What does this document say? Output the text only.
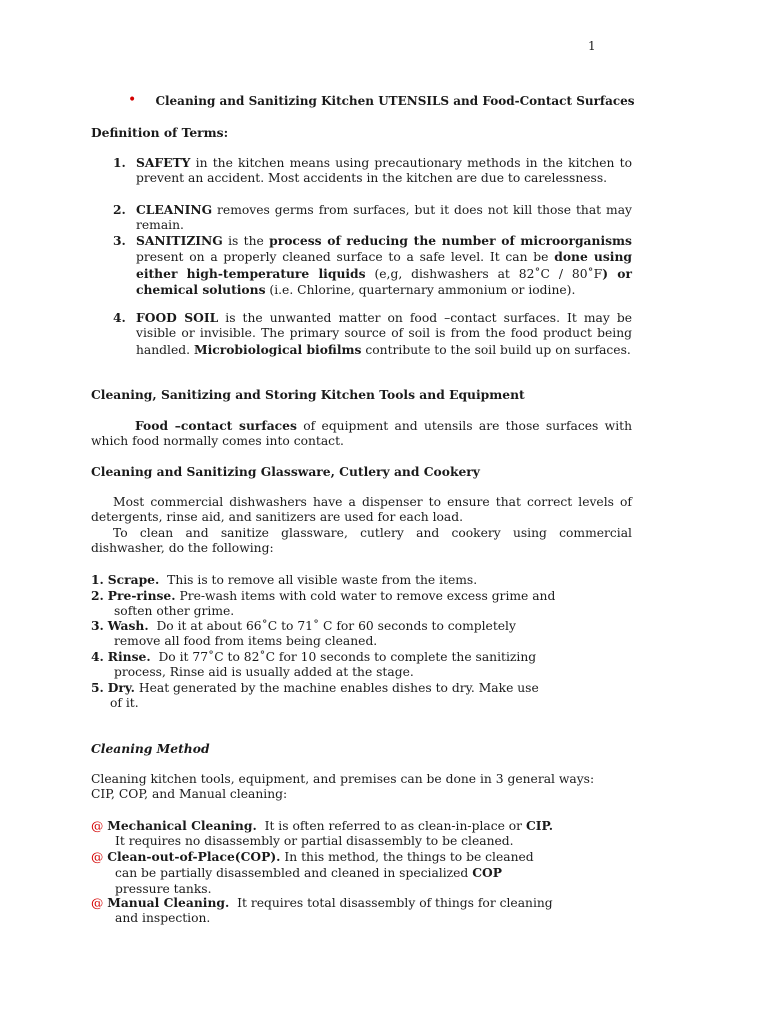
1
• Cleaning and Sanitizing Kitchen UTENSILS and Food-Contact Surfaces
Definition of Terms:
1. SAFETY in the kitchen means using precautionary methods in the kitchen to prevent an accident. Most accidents in the kitchen are due to carelessness.
2. CLEANING removes germs from surfaces, but it does not kill those that may remain.
3. SANITIZING is the process of reducing the number of microorganisms present on a properly cleaned surface to a safe level. It can be done using either high-temperature liquids (e,g, dishwashers at 82˚C / 80˚F) or chemical solutions (i.e. Chlorine, quarternary ammonium or iodine).
4. FOOD SOIL is the unwanted matter on food –contact surfaces. It may be visible or invisible. The primary source of soil is from the food product being handled. Microbiological biofilms contribute to the soil build up on surfaces.
Cleaning, Sanitizing and Storing Kitchen Tools and Equipment
Food –contact surfaces of equipment and utensils are those surfaces with which food normally comes into contact.
Cleaning and Sanitizing Glassware, Cutlery and Cookery
Most commercial dishwashers have a dispenser to ensure that correct levels of detergents, rinse aid, and sanitizers are used for each load.
To clean and sanitize glassware, cutlery and cookery using commercial dishwasher, do the following:
1. Scrape. This is to remove all visible waste from the items.
2. Pre-rinse. Pre-wash items with cold water to remove excess grime and
soften other grime.
3. Wash. Do it at about 66˚C to 71˚ C for 60 seconds to completely
remove all food from items being cleaned.
4. Rinse. Do it 77˚C to 82˚C for 10 seconds to complete the sanitizing
process, Rinse aid is usually added at the stage.
5. Dry. Heat generated by the machine enables dishes to dry. Make use
of it.
Cleaning Method
Cleaning kitchen tools, equipment, and premises can be done in 3 general ways: CIP, COP, and Manual cleaning:
@ Mechanical Cleaning. It is often referred to as clean-in-place or CIP.
It requires no disassembly or partial disassembly to be cleaned.
@ Clean-out-of-Place(COP). In this method, the things to be cleaned
can be partially disassembled and cleaned in specialized COP
pressure tanks.
@ Manual Cleaning. It requires total disassembly of things for cleaning
and inspection.
